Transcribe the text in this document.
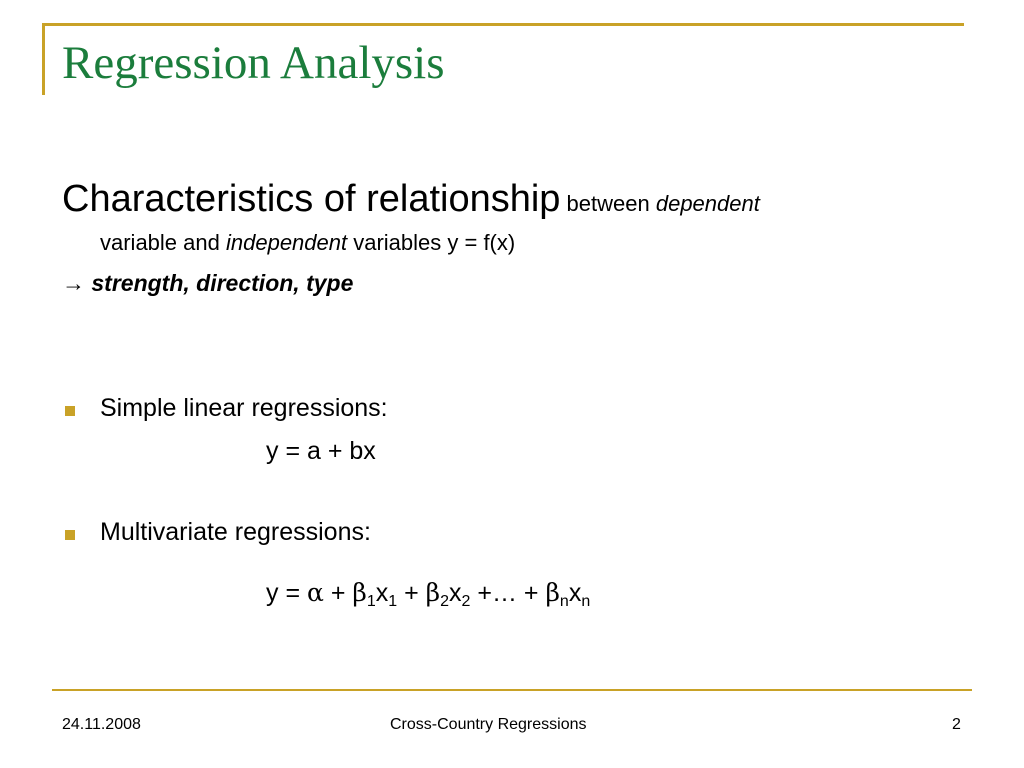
Regression Analysis
Characteristics of relationship between dependent
variable and independent variables y = f(x)
→ strength, direction, type
Simple linear regressions:
y = a + bx
Multivariate regressions:
$y = \alpha + \beta_1x_1 + \beta_2x_2$ +… + $\beta_nx_n$
24.11.2008	Cross-Country Regressions	2
